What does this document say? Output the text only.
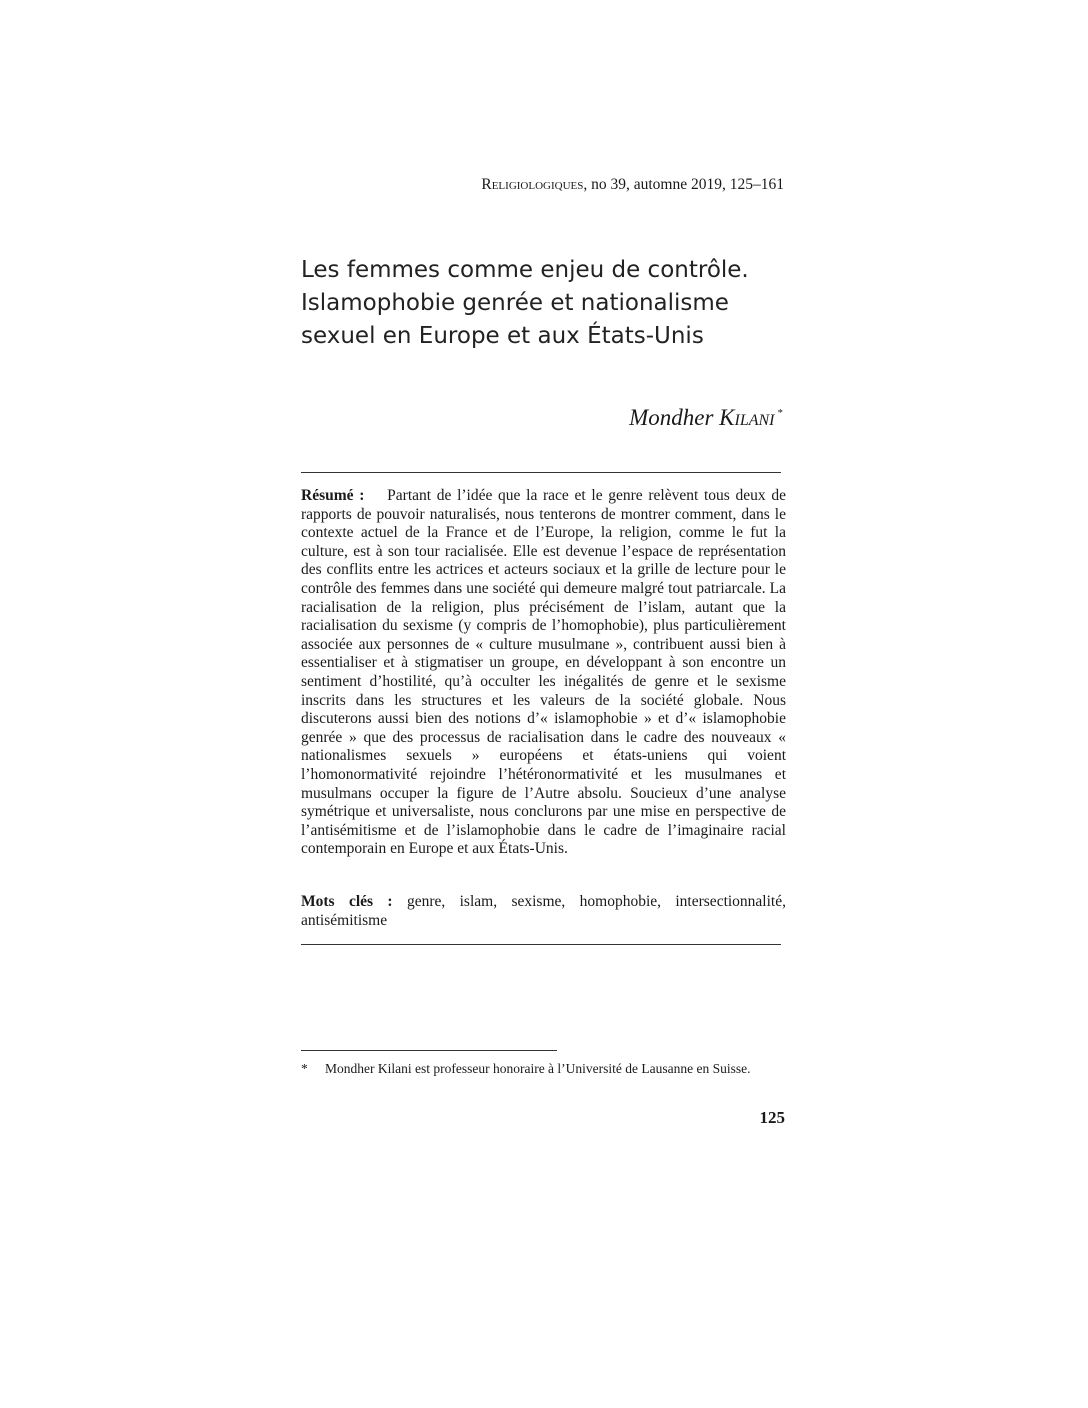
Religiologiques, no 39, automne 2019, 125–161
Les femmes comme enjeu de contrôle.
Islamophobie genrée et nationalisme
sexuel en Europe et aux États-Unis
Mondher Kilani *

Résumé : Partant de l’idée que la race et le genre relèvent tous deux de rapports de pouvoir naturalisés, nous tenterons de montrer comment, dans le contexte actuel de la France et de l’Europe, la religion, comme le fut la culture, est à son tour racialisée. Elle est devenue l’espace de représentation des conflits entre les actrices et acteurs sociaux et la grille de lecture pour le contrôle des femmes dans une société qui demeure malgré tout patriarcale. La racialisation de la religion, plus précisément de l’islam, autant que la racialisation du sexisme (y compris de l’homophobie), plus particulièrement associée aux personnes de « culture musulmane », contribuent aussi bien à essentialiser et à stigmatiser un groupe, en développant à son encontre un sentiment d’hostilité, qu’à occulter les inégalités de genre et le sexisme inscrits dans les structures et les valeurs de la société globale. Nous discuterons aussi bien des notions d’« islamophobie » et d’« islamophobie genrée » que des processus de racialisation dans le cadre des nouveaux « nationalismes sexuels » européens et états-uniens qui voient l’homonormativité rejoindre l’hétéronormativité et les musulmanes et musulmans occuper la figure de l’Autre absolu. Soucieux d’une analyse symétrique et universaliste, nous conclurons par une mise en perspective de l’antisémitisme et de l’islamophobie dans le cadre de l’imaginaire racial contemporain en Europe et aux États-Unis.

Mots clés : genre, islam, sexisme, homophobie, intersectionnalité, antisémitisme

* Mondher Kilani est professeur honoraire à l’Université de Lausanne en Suisse.
125
